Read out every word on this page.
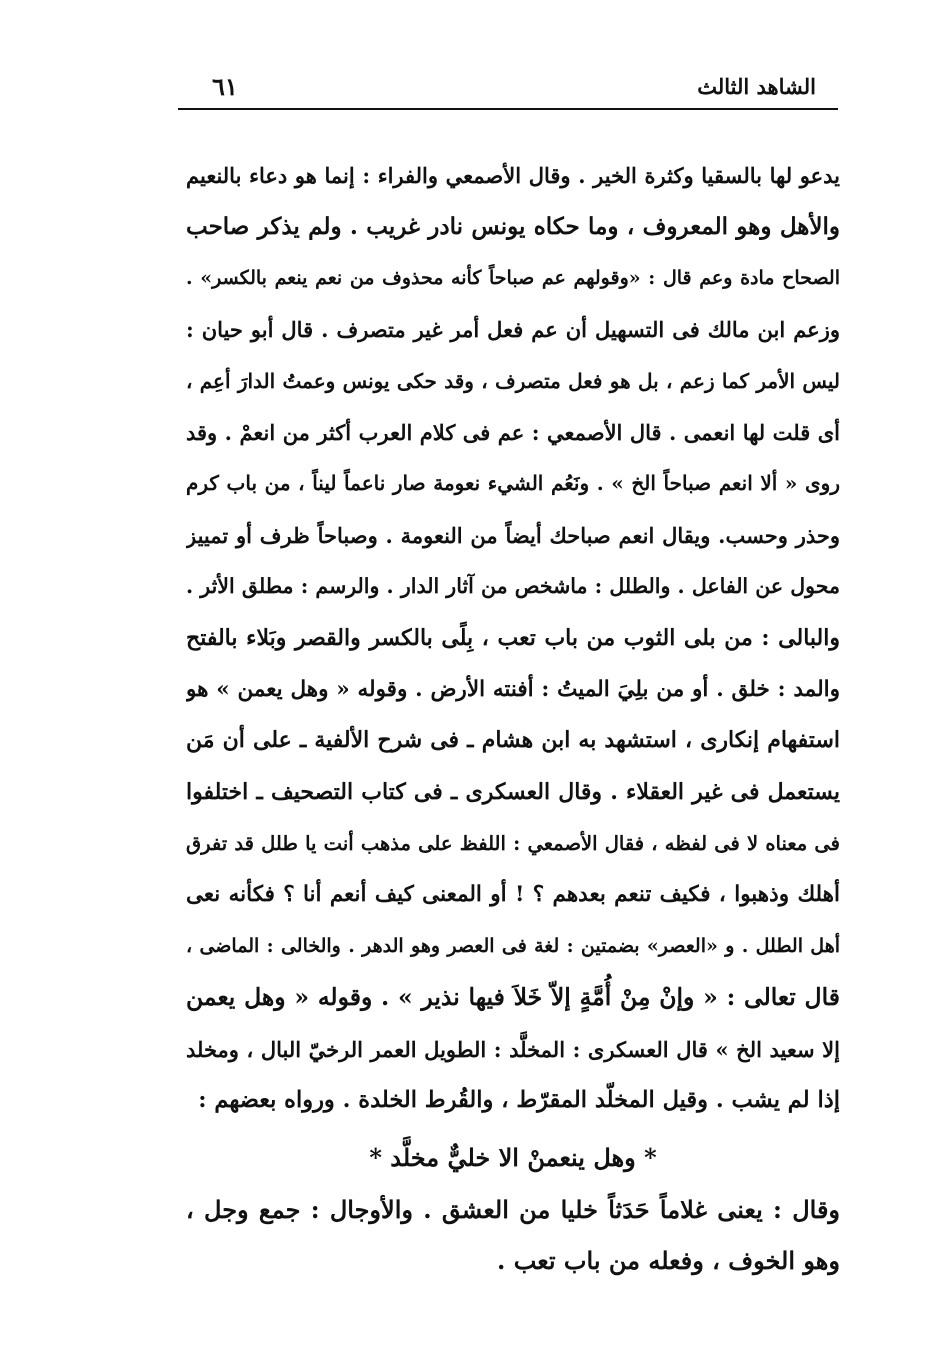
الشاهد الثالث
٦١
يدعو لها بالسقيا وكثرة الخير . وقال الأصمعي والفراء : إنما هو دعاء بالنعيم
والأهل وهو المعروف ، وما حكاه يونس نادر غريب . ولم يذكر صاحب
الصحاح مادة وعم قال : «وقولهم عم صباحاً كأنه محذوف من نعم ينعم بالكسر» .
وزعم ابن مالك فى التسهيل أن عم فعل أمر غير متصرف . قال أبو حيان :
ليس الأمر كما زعم ، بل هو فعل متصرف ، وقد حكى يونس وعمتُ الدارَ أعِم ،
أى قلت لها انعمى . قال الأصمعي : عم فى كلام العرب أكثر من انعمْ . وقد
روى « ألا انعم صباحاً الخ » . ونَعُم الشيء نعومة صار ناعماً ليناً ، من باب كرم
وحذر وحسب. ويقال انعم صباحك أيضاً من النعومة . وصباحاً ظرف أو تمييز
محول عن الفاعل . والطلل : ماشخص من آثار الدار . والرسم : مطلق الأثر .
والبالى : من بلى الثوب من باب تعب ، بِلًى بالكسر والقصر وبَلاء بالفتح
والمد : خلق . أو من بلِيَ الميتُ : أفنته الأرض . وقوله « وهل يعمن » هو
استفهام إنكارى ، استشهد به ابن هشام ـ فى شرح الألفية ـ على أن مَن
يستعمل فى غير العقلاء . وقال العسكرى ـ فى كتاب التصحيف ـ اختلفوا
فى معناه لا فى لفظه ، فقال الأصمعي : اللفظ على مذهب أنت يا طلل قد تفرق
أهلك وذهبوا ، فكيف تنعم بعدهم ؟ ! أو المعنى كيف أنعم أنا ؟ فكأنه نعى
أهل الطلل . و «العصر» بضمتين : لغة فى العصر وهو الدهر . والخالى : الماضى ،
قال تعالى : « وإنْ مِنْ أُمَّةٍ إلاّ خَلاَ فيها نذير » . وقوله « وهل يعمن
إلا سعيد الخ » قال العسكرى : المخلَّد : الطويل العمر الرخيّ البال ، ومخلد
إذا لم يشب . وقيل المخلّد المقرّط ، والقُرط الخلدة . ورواه بعضهم :
* وهل ينعمنْ الا خليٌّ مخلَّد *
وقال : يعنى غلاماً حَدَثاً خليا من العشق . والأوجال : جمع وجل ،
وهو الخوف ، وفعله من باب تعب .
